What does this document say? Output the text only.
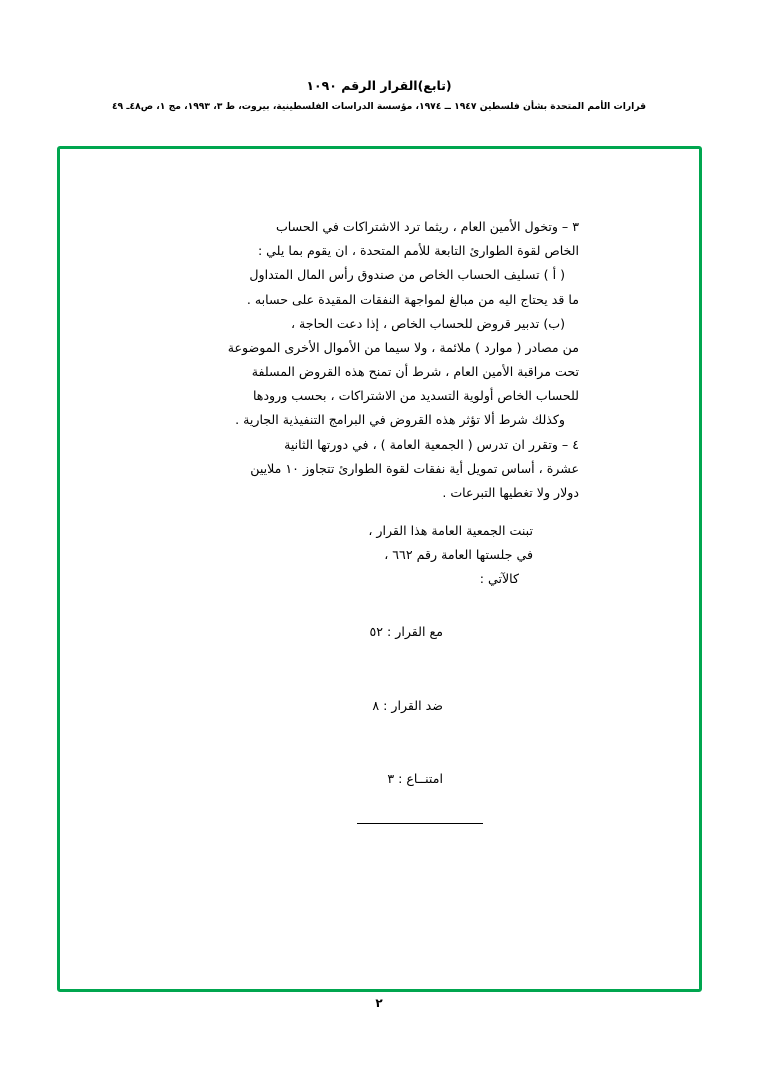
(تابع)القرار الرقم ١٠٩٠
قرارات الأمم المتحدة بشأن فلسطين ١٩٤٧ ــ ١٩٧٤، مؤسسة الدراسات الفلسطينية، بيروت، ط ٣، ١٩٩٣، مج ١، ص٤٨ـ ٤٩

٣ – وتخول الأمين العام ، ريثما ترد الاشتراكات في الحساب

الخاص لقوة الطوارئ التابعة للأمم المتحدة ، ان يقوم بما يلي :

( أ ) تسليف الحساب الخاص من صندوق رأس المال المتداول

ما قد يحتاج اليه من مبالغ لمواجهة النفقات المقيدة على حسابه .

(ب) تدبير قروض للحساب الخاص ، إذا دعت الحاجة ،

من مصادر ( موارد ) ملائمة ، ولا سيما من الأموال الأخرى الموضوعة

تحت مراقبة الأمين العام ، شرط أن تمنح هذه القروض المسلفة

للحساب الخاص أولوية التسديد من الاشتراكات ، بحسب ورودها

وكذلك شرط ألا تؤثر هذه القروض في البرامج التنفيذية الجارية .

٤ – وتقرر ان تدرس ( الجمعية العامة ) ، في دورتها الثانية

عشرة ، أساس تمويل أية نفقات لقوة الطوارئ تتجاوز ١٠ ملايين

دولار ولا تغطيها التبرعات .

تبنت الجمعية العامة هذا القرار ،

في جلستها العامة رقم ٦٦٢ ،

كالآتي :

مع القرار : ٥٢

ضد القرار : ٨

امتنــاع : ٣

٢
